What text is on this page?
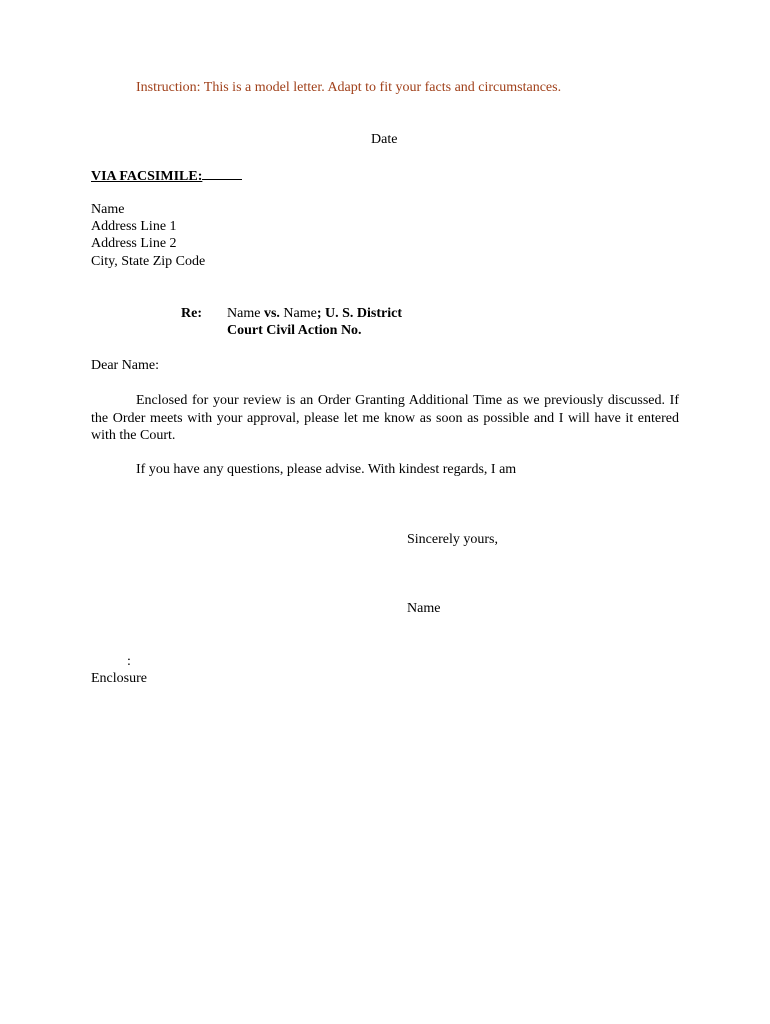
Instruction: This is a model letter. Adapt to fit your facts and circumstances.
Date
VIA FACSIMILE:
Name
Address Line 1
Address Line 2
City, State Zip Code
Re: Name vs. Name; U. S. District
Court Civil Action No.
Dear Name:
Enclosed for your review is an Order Granting Additional Time as we previously discussed. If the Order meets with your approval, please let me know as soon as possible and I will have it entered with the Court.
If you have any questions, please advise. With kindest regards, I am
Sincerely yours,
Name
:
Enclosure
